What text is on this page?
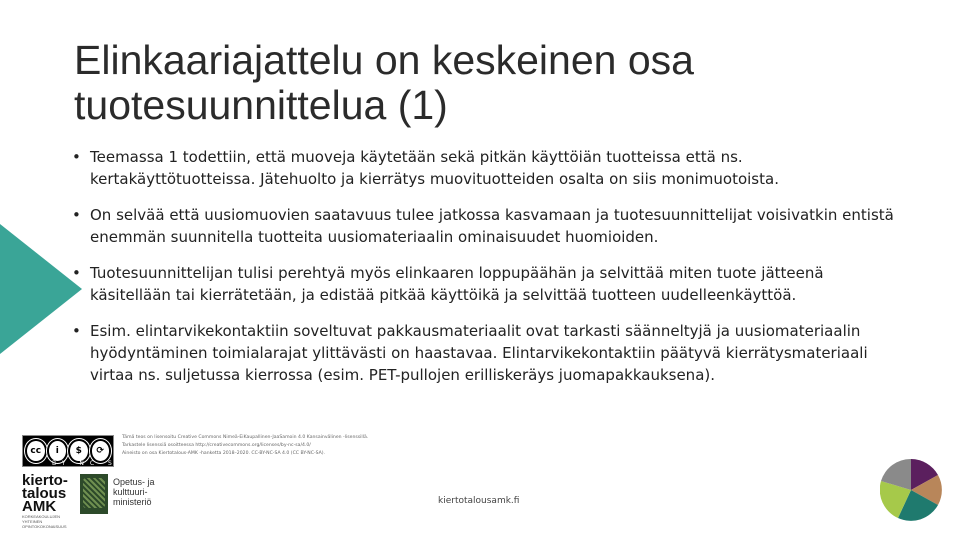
Elinkaariajattelu on keskeinen osa
tuotesuunnittelua (1)
• Teemassa 1 todettiin, että muoveja käytetään sekä pitkän käyttöiän tuotteissa että ns. kertakäyttötuotteissa. Jätehuolto ja kierrätys muovituotteiden osalta on siis monimuotoista.
• On selvää että uusiomuovien saatavuus tulee jatkossa kasvamaan ja tuotesuunnittelijat voisivatkin entistä enemmän suunnitella tuotteita uusiomateriaalin ominaisuudet huomioiden.
• Tuotesuunnittelijan tulisi perehtyä myös elinkaaren loppupäähän ja selvittää miten tuote jätteenä käsitellään tai kierrätetään, ja edistää pitkää käyttöikä ja selvittää tuotteen uudelleenkäyttöä.
• Esim. elintarvikekontaktiin soveltuvat pakkausmateriaalit ovat tarkasti säänneltyjä ja uusiomateriaalin hyödyntäminen toimialarajat ylittävästi on haastavaa. Elintarvikekontaktiin päätyvä kierrätysmateriaali virtaa ns. suljetussa kierrossa (esim. PET-pullojen erilliskeräys juomapakkauksena).
cc	i	$	⟳
BY NC SA
Tämä teos on lisensoitu Creative Commons Nimeä-EiKaupallinen-JaaSamoin 4.0 Kansainvälinen -lisenssillä.
Tarkastele lisenssiä osoitteessa http://creativecommons.org/licenses/by-nc-sa/4.0/
Aineisto on osa Kiertotalous-AMK -hanketta 2018–2020. CC-BY-NC-SA 4.0 (CC BY-NC-SA).
kierto-
talous
AMK
KORKEAKOULUJEN YHTEINEN OPINTOKOKONAISUUS
Opetus- ja
kulttuuri-
ministeriö	kiertotalousamk.fi
